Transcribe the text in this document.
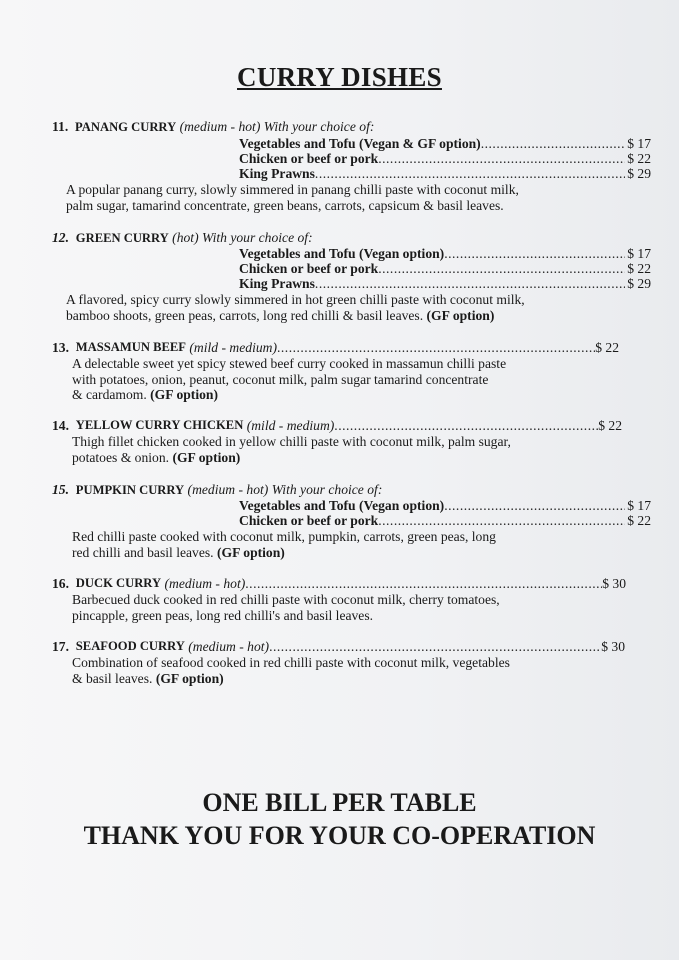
CURRY DISHES
11. PANANG CURRY (medium - hot) With your choice of:
Vegetables and Tofu (Vegan & GF option) .....	$ 17
Chicken or beef or pork .....	$ 22
King Prawns .....	$ 29
A popular panang curry, slowly simmered in panang chilli paste with coconut milk,
palm sugar, tamarind concentrate, green beans, carrots, capsicum & basil leaves.
12. GREEN CURRY (hot) With your choice of:
Vegetables and Tofu (Vegan option) .....	$ 17
Chicken or beef or pork .....	$ 22
King Prawns .....	$ 29
A flavored, spicy curry slowly simmered in hot green chilli paste with coconut milk,
bamboo shoots, green peas, carrots, long red chilli & basil leaves. (GF option)
13.
MASSAMUN BEEF
(mild - medium) .....	$ 22
A delectable sweet yet spicy stewed beef curry cooked in massamun chilli paste
with potatoes, onion, peanut, coconut milk, palm sugar tamarind concentrate
& cardamom. (GF option)
14.
YELLOW CURRY CHICKEN
(mild - medium) .....	$ 22
Thigh fillet chicken cooked in yellow chilli paste with coconut milk, palm sugar,
potatoes & onion. (GF option)
15. PUMPKIN CURRY (medium - hot) With your choice of:
Vegetables and Tofu (Vegan option) .....	$ 17
Chicken or beef or pork .....	$ 22
Red chilli paste cooked with coconut milk, pumpkin, carrots, green peas, long
red chilli and basil leaves. (GF option)
16.
DUCK CURRY
(medium - hot) .....	$ 30
Barbecued duck cooked in red chilli paste with coconut milk, cherry tomatoes,
pincapple, green peas, long red chilli's and basil leaves.
17.
SEAFOOD CURRY
(medium - hot) .....	$ 30
Combination of seafood cooked in red chilli paste with coconut milk, vegetables
& basil leaves. (GF option)
ONE BILL PER TABLE
THANK YOU FOR YOUR CO-OPERATION
